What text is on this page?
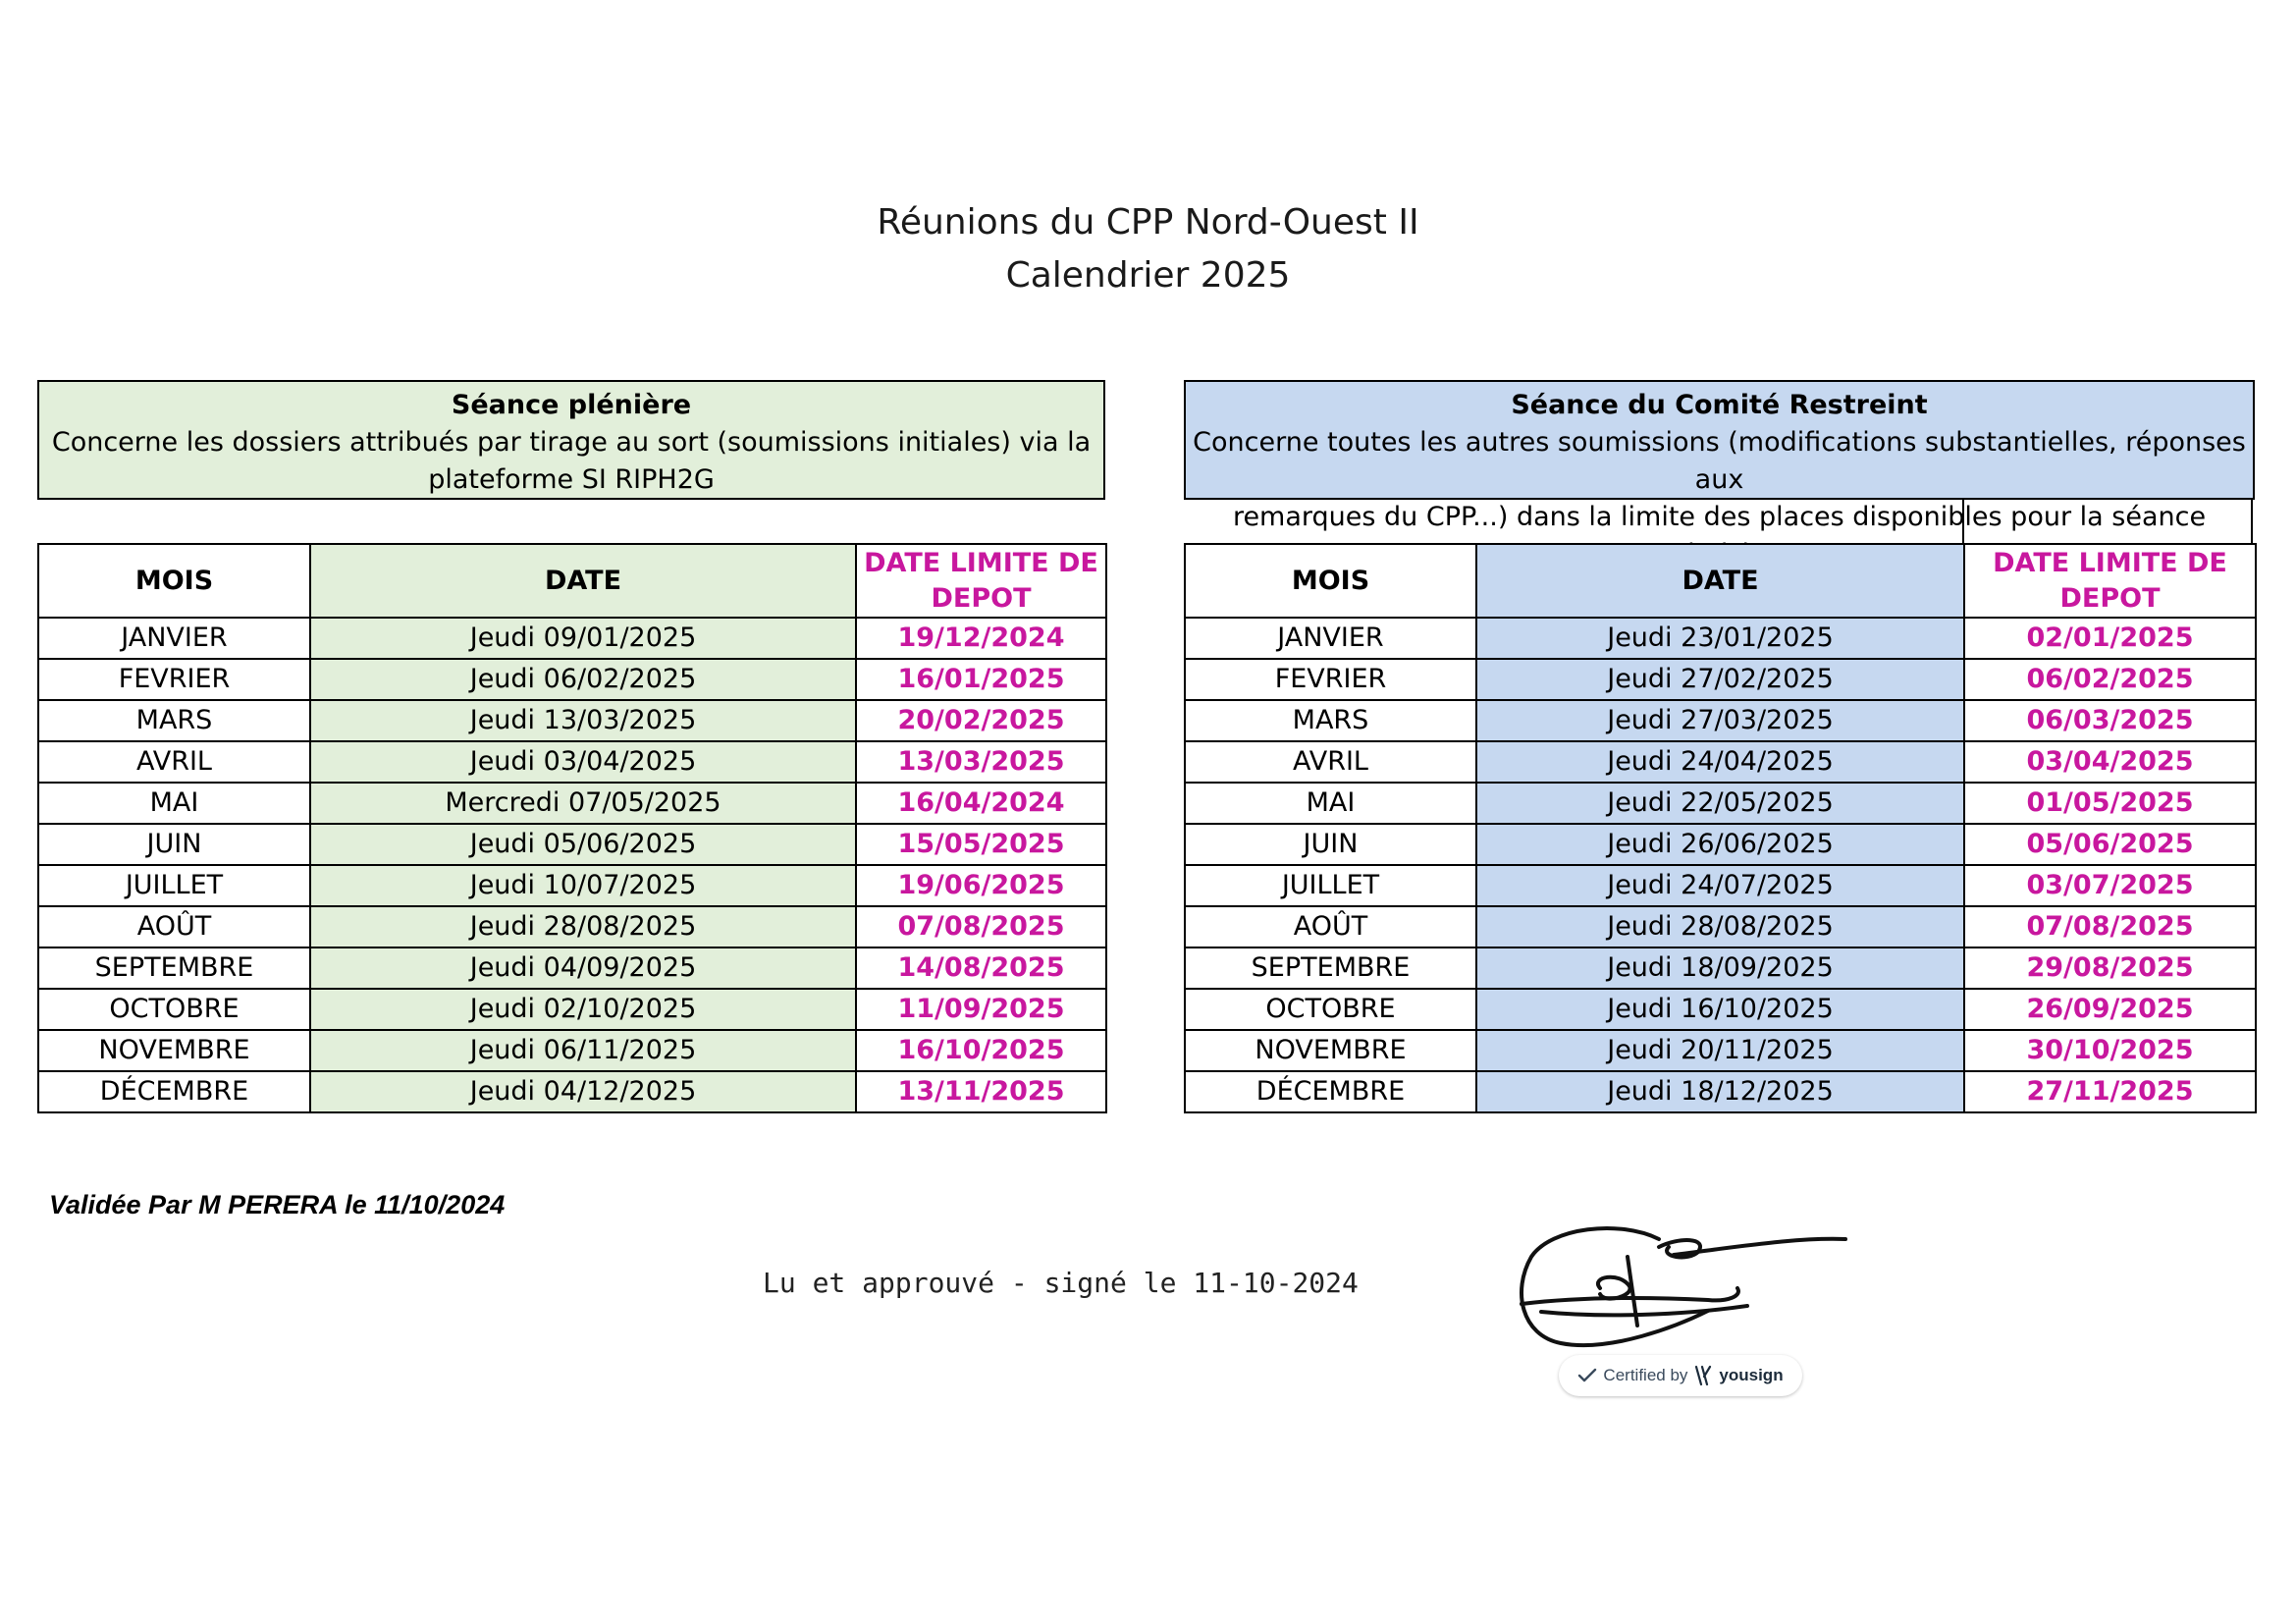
Réunions du CPP Nord-Ouest II
Calendrier 2025
Séance plénière
Concerne les dossiers attribués par tirage au sort (soumissions initiales) via la
plateforme SI RIPH2G
Séance du Comité Restreint
Concerne toutes les autres soumissions (modifications substantielles, réponses aux
remarques du CPP...) dans la limite des places disponibles pour la séance
MOIS	DATE	DATE LIMITE DE
DEPOT

JANVIER	Jeudi 09/01/2025	19/12/2024
FEVRIER	Jeudi 06/02/2025	16/01/2025
MARS	Jeudi 13/03/2025	20/02/2025
AVRIL	Jeudi 03/04/2025	13/03/2025
MAI	Mercredi 07/05/2025	16/04/2024
JUIN	Jeudi 05/06/2025	15/05/2025
JUILLET	Jeudi 10/07/2025	19/06/2025
AOÛT	Jeudi 28/08/2025	07/08/2025
SEPTEMBRE	Jeudi 04/09/2025	14/08/2025
OCTOBRE	Jeudi 02/10/2025	11/09/2025
NOVEMBRE	Jeudi 06/11/2025	16/10/2025
DÉCEMBRE	Jeudi 04/12/2025	13/11/2025
MOIS	DATE	DATE LIMITE DE
DEPOT

JANVIER	Jeudi 23/01/2025	02/01/2025
FEVRIER	Jeudi 27/02/2025	06/02/2025
MARS	Jeudi 27/03/2025	06/03/2025
AVRIL	Jeudi 24/04/2025	03/04/2025
MAI	Jeudi 22/05/2025	01/05/2025
JUIN	Jeudi 26/06/2025	05/06/2025
JUILLET	Jeudi 24/07/2025	03/07/2025
AOÛT	Jeudi 28/08/2025	07/08/2025
SEPTEMBRE	Jeudi 18/09/2025	29/08/2025
OCTOBRE	Jeudi 16/10/2025	26/09/2025
NOVEMBRE	Jeudi 20/11/2025	30/10/2025
DÉCEMBRE	Jeudi 18/12/2025	27/11/2025
Validée Par M PERERA le 11/10/2024
Lu et approuvé - signé le 11-10-2024
Certified by yousign
